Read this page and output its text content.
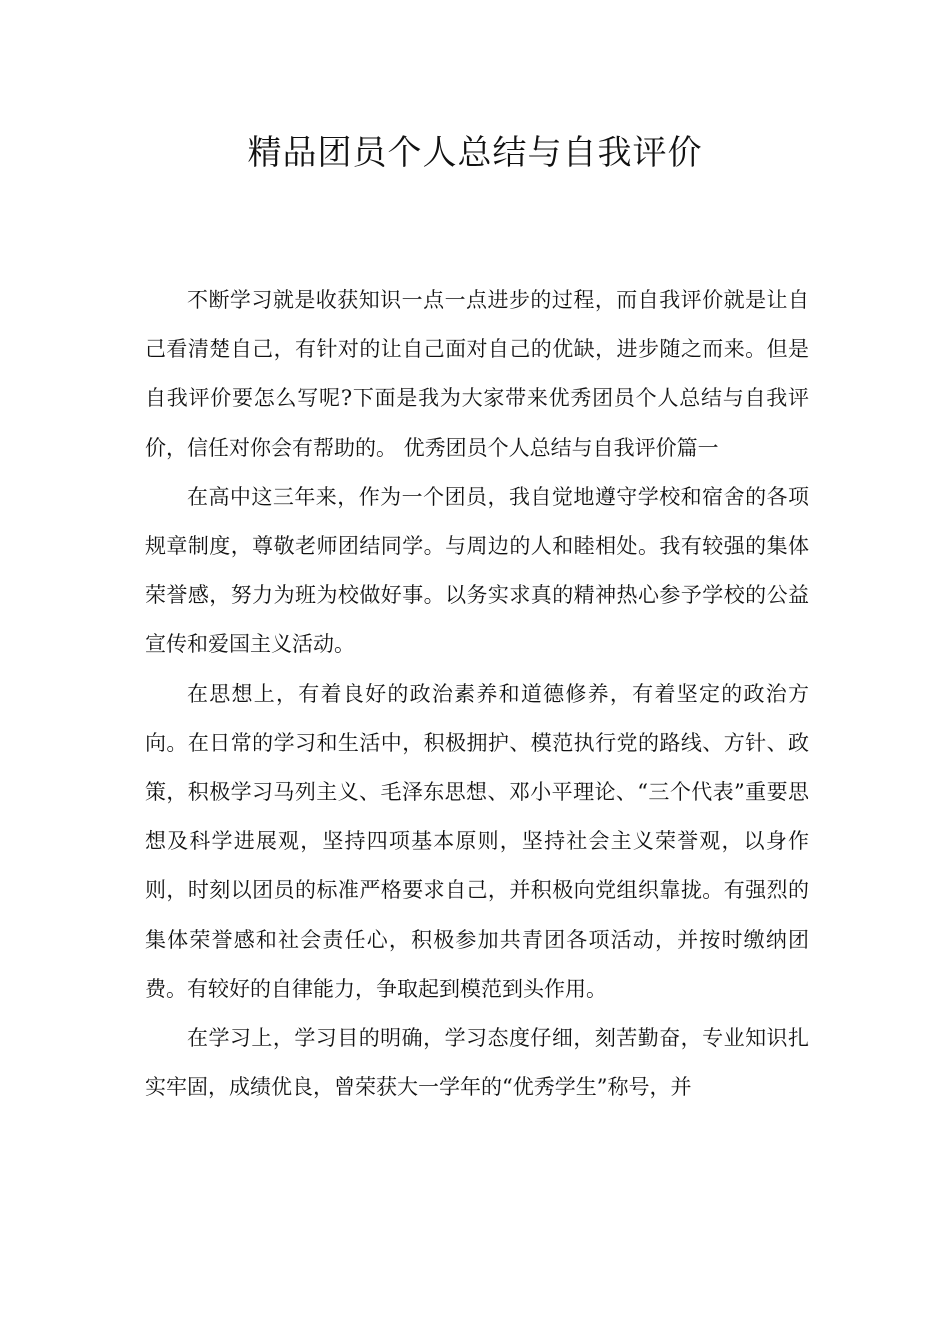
精品团员个人总结与自我评价

不断学习就是收获知识一点一点进步的过程，而自我评价就是让自己看清楚自己，有针对的让自己面对自己的优缺，进步随之而来。但是自我评价要怎么写呢?下面是我为大家带来优秀团员个人总结与自我评价，信任对你会有帮助的。 优秀团员个人总结与自我评价篇一

在高中这三年来，作为一个团员，我自觉地遵守学校和宿舍的各项规章制度，尊敬老师团结同学。与周边的人和睦相处。我有较强的集体荣誉感，努力为班为校做好事。以务实求真的精神热心参予学校的公益宣传和爱国主义活动。

在思想上，有着良好的政治素养和道德修养，有着坚定的政治方向。在日常的学习和生活中，积极拥护、模范执行党的路线、方针、政策，积极学习马列主义、毛泽东思想、邓小平理论、“三个代表”重要思想及科学进展观，坚持四项基本原则，坚持社会主义荣誉观，以身作则，时刻以团员的标准严格要求自己，并积极向党组织靠拢。有强烈的集体荣誉感和社会责任心，积极参加共青团各项活动，并按时缴纳团费。有较好的自律能力，争取起到模范到头作用。

在学习上，学习目的明确，学习态度仔细，刻苦勤奋，专业知识扎实牢固，成绩优良，曾荣获大一学年的“优秀学生”称号，并
